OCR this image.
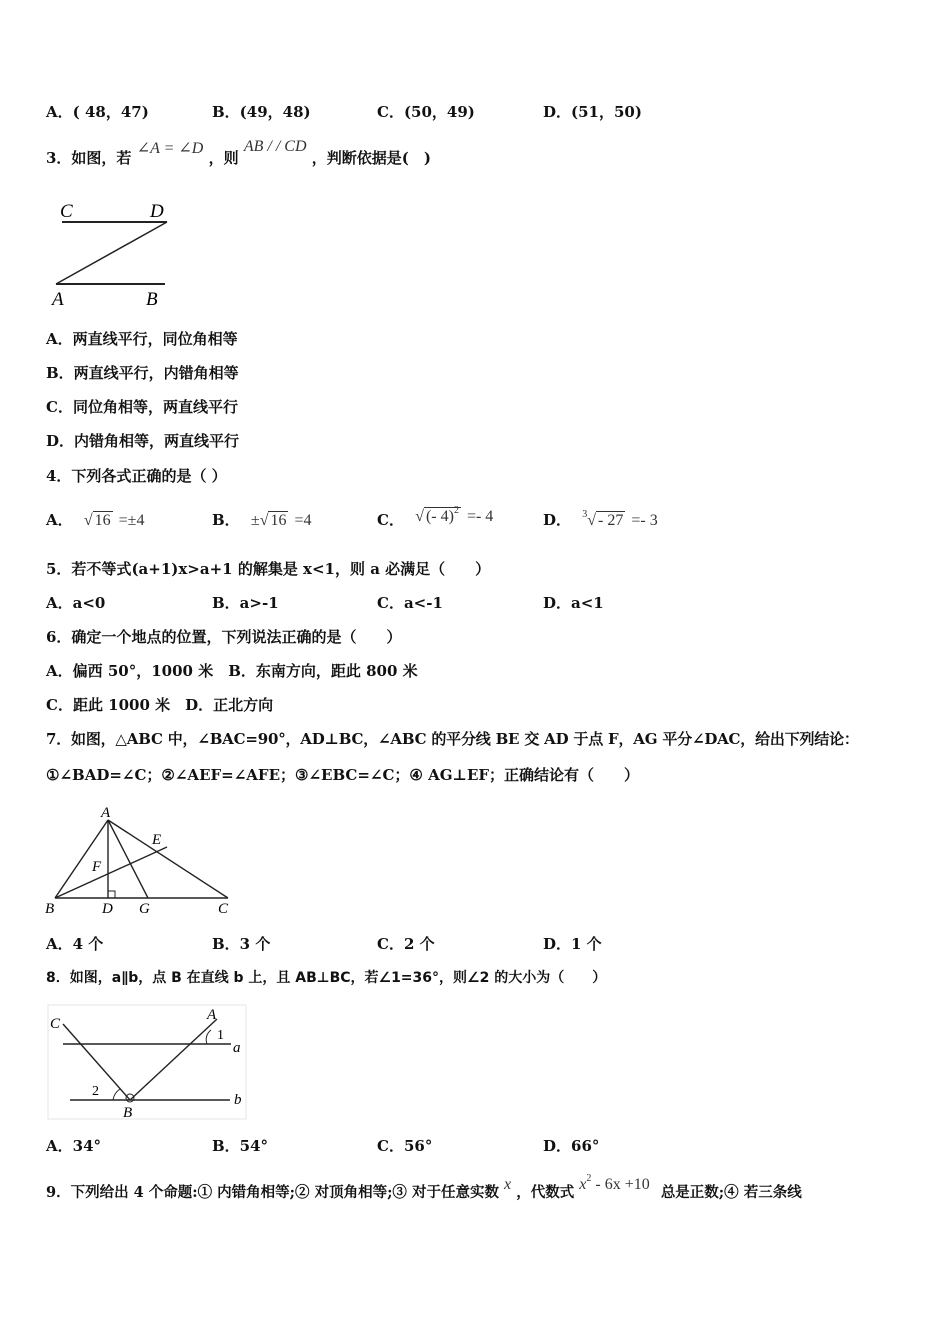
A．( 48，47)	B．(49，48)	C．(50，49)	D．(51，50)
3．如图，若 ∠A = ∠D ，则 AB / / CD ，判断依据是(　)
C	D
A	B
A．两直线平行，同位角相等
B．两直线平行，内错角相等
C．同位角相等，两直线平行
D．内错角相等，两直线平行
4．下列各式正确的是（ ）
A． √ 16 =±4	B． ±√ 16 =4	C． √ (- 4)$^2$ =- 4	D． $^3$√ - 27 =- 3
5．若不等式(a+1)x>a+1 的解集是 x<1，则 a 必满足（　　）
A．a<0	B．a>-1	C．a<-1	D．a<1
6．确定一个地点的位置，下列说法正确的是（　　）
A．偏西 50°，1000 米　B．东南方向，距此 800 米
C．距此 1000 米　D．正北方向
7．如图，△ABC 中，∠BAC=90°，AD⊥BC，∠ABC 的平分线 BE 交 AD 于点 F，AG 平分∠DAC，给出下列结论：
①∠BAD=∠C；②∠AEF=∠AFE；③∠EBC=∠C；④ AG⊥EF；正确结论有（　　）
A
E
F
B	D G	C
A．4 个	B．3 个	C．2 个	D．1 个
8．如图，a∥b，点 B 在直线 b 上，且 AB⊥BC，若∠1=36°，则∠2 的大小为（　　）
C
A
1
a
2
B
b
A．34°	B．54°	C．56°	D．66°
9．下列给出 4 个命题:① 内错角相等;② 对顶角相等;③ 对于任意实数 x ，代数式 $x^2 - 6x +10$ 总是正数;④ 若三条线
